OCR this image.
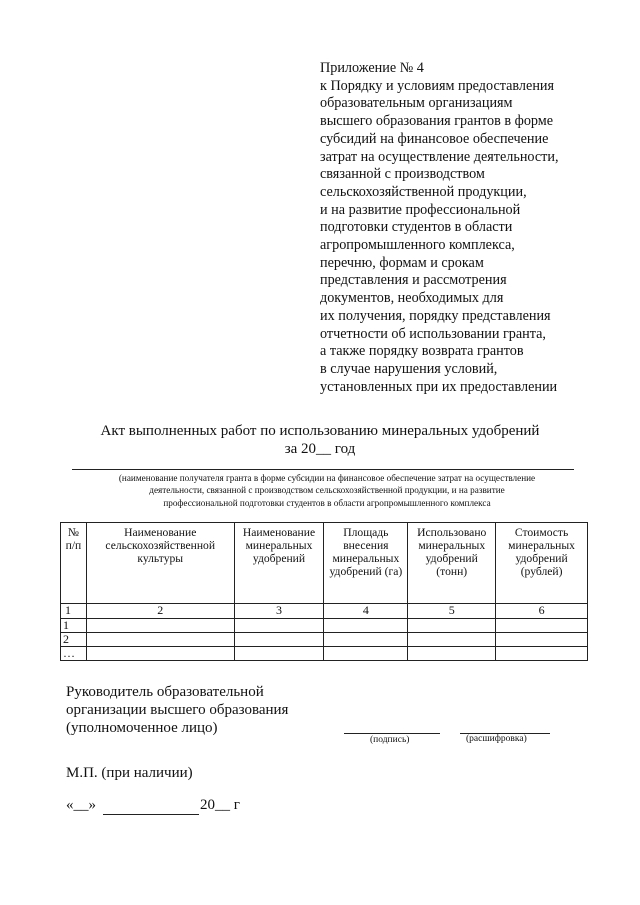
Приложение № 4
к Порядку и условиям предоставления
образовательным организациям
высшего образования грантов в форме
субсидий на финансовое обеспечение
затрат на осуществление деятельности,
связанной с производством
сельскохозяйственной продукции,
и на развитие профессиональной
подготовки студентов в области
агропромышленного комплекса,
перечню, формам и срокам
представления и рассмотрения
документов, необходимых для
их получения, порядку представления
отчетности об использовании гранта,
а также порядку возврата грантов
в случае нарушения условий,
установленных при их предоставлении
Акт выполненных работ по использованию минеральных удобрений
за 20__ год
(наименование получателя гранта в форме субсидии на финансовое обеспечение затрат на осуществление
деятельности, связанной с производством сельскохозяйственной продукции, и на развитие
профессиональной подготовки студентов в области агропромышленного комплекса
№ п/п	Наименование сельскохозяйственной культуры	Наименование минеральных удобрений	Площадь внесения минеральных удобрений (га)	Использовано минеральных удобрений (тонн)	Стоимость минеральных удобрений (рублей)
1	2	3	4	5	6
1					
2					
…					
Руководитель образовательной
организации высшего образования
(уполномоченное лицо)
(подпись)	(расшифровка)
М.П. (при наличии)
«__»	20__ г
